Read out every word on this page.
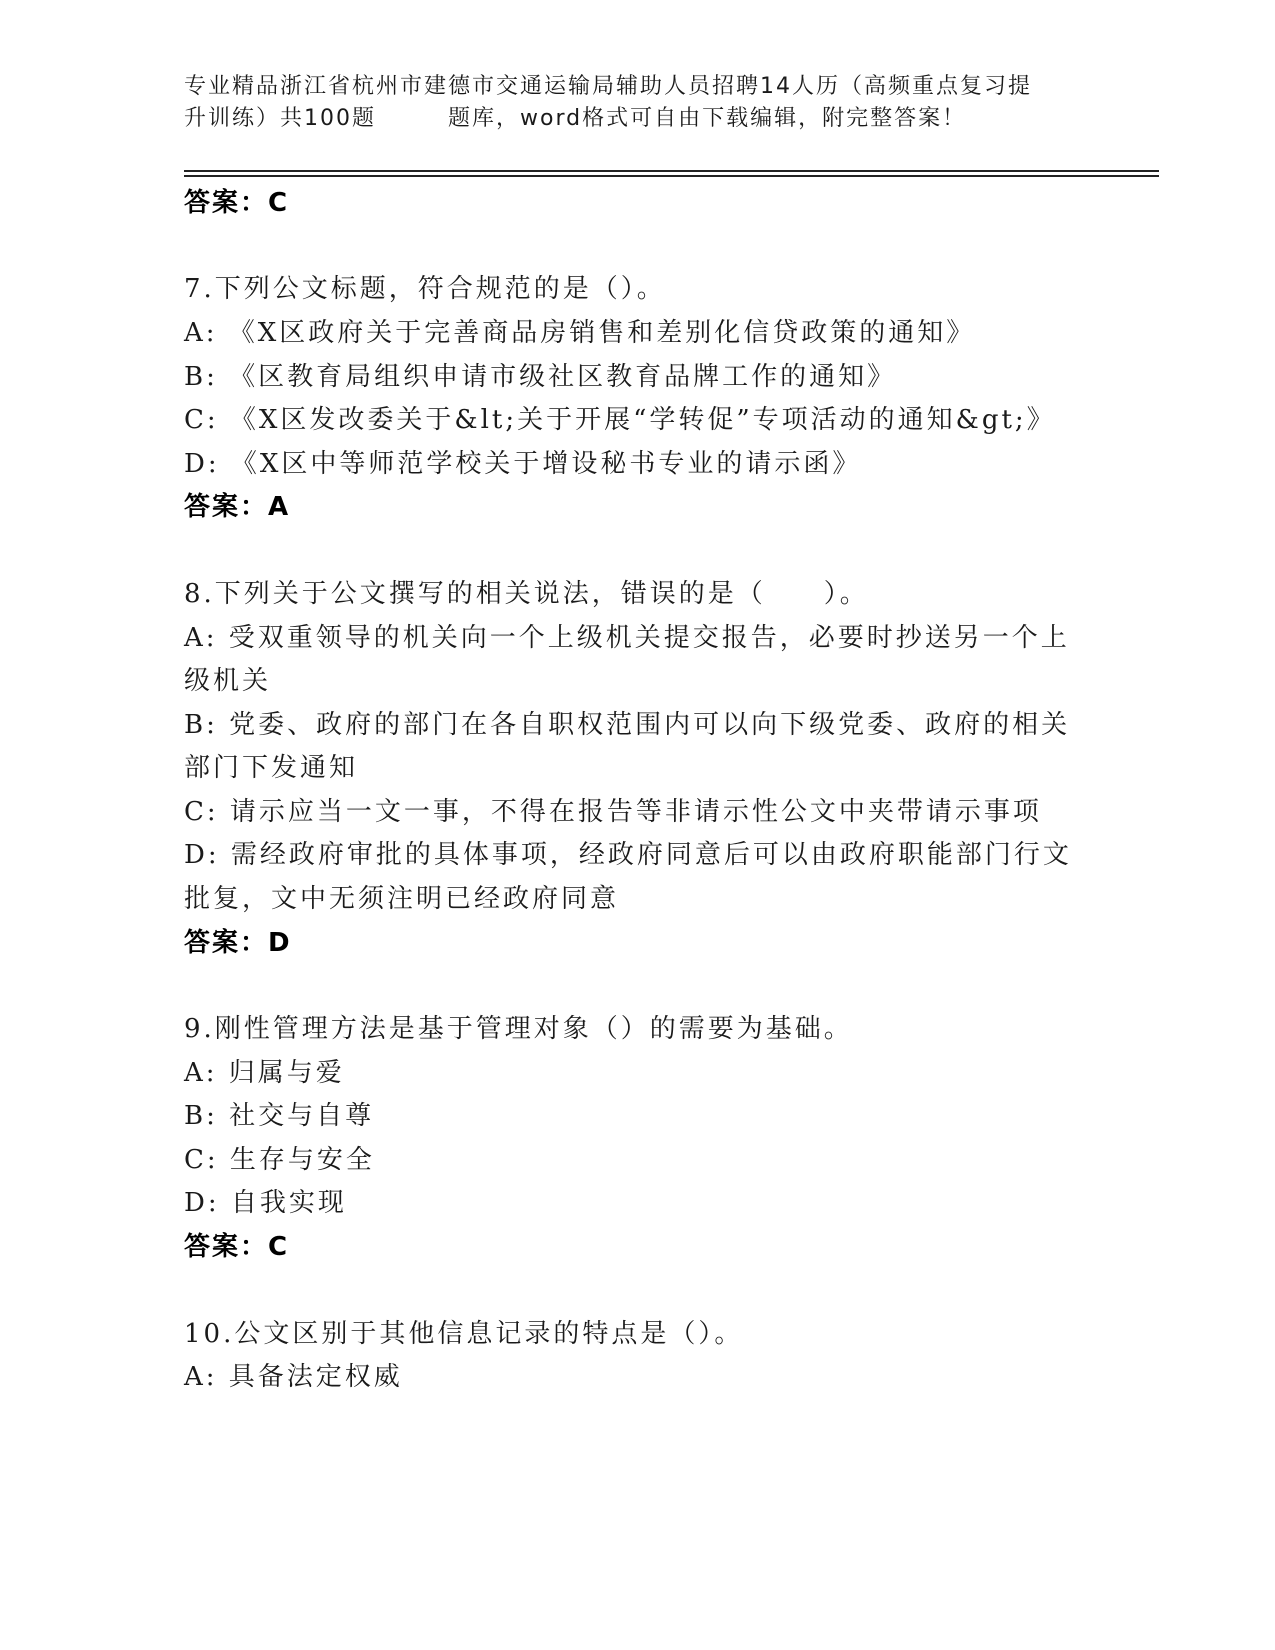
专业精品浙江省杭州市建德市交通运输局辅助人员招聘14人历（高频重点复习提
升训练）共100题　　　题库，word格式可自由下载编辑，附完整答案！
答案：C
7.下列公文标题，符合规范的是（）。
A: 《X区政府关于完善商品房销售和差别化信贷政策的通知》
B: 《区教育局组织申请市级社区教育品牌工作的通知》
C: 《X区发改委关于&lt;关于开展“学转促”专项活动的通知&gt;》
D: 《X区中等师范学校关于增设秘书专业的请示函》
答案：A
8.下列关于公文撰写的相关说法，错误的是（　　）。
A: 受双重领导的机关向一个上级机关提交报告，必要时抄送另一个上
级机关
B: 党委、政府的部门在各自职权范围内可以向下级党委、政府的相关
部门下发通知
C: 请示应当一文一事，不得在报告等非请示性公文中夹带请示事项
D: 需经政府审批的具体事项，经政府同意后可以由政府职能部门行文
批复，文中无须注明已经政府同意
答案：D
9.刚性管理方法是基于管理对象（）的需要为基础。
A: 归属与爱
B: 社交与自尊
C: 生存与安全
D: 自我实现
答案：C
10.公文区别于其他信息记录的特点是（）。
A: 具备法定权威
